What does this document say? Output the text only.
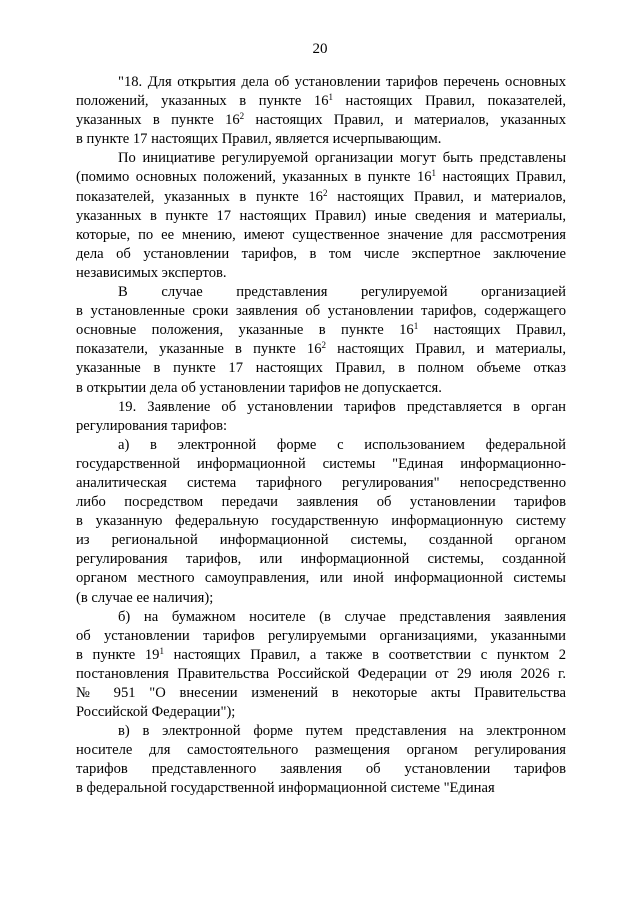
20
"18. Для открытия дела об установлении тарифов перечень основных
положений, указанных в пункте $16^1$ настоящих Правил, показателей,
указанных в пункте $16^2$ настоящих Правил, и материалов, указанных
в пункте 17 настоящих Правил, является исчерпывающим.
По инициативе регулируемой организации могут быть представлены
(помимо основных положений, указанных в пункте $16^1$ настоящих Правил,
показателей, указанных в пункте $16^2$ настоящих Правил, и материалов,
указанных в пункте 17 настоящих Правил) иные сведения и материалы,
которые, по ее мнению, имеют существенное значение для рассмотрения
дела об установлении тарифов, в том числе экспертное заключение
независимых экспертов.
В случае представления регулируемой организацией
в установленные сроки заявления об установлении тарифов, содержащего
основные положения, указанные в пункте $16^1$ настоящих Правил,
показатели, указанные в пункте $16^2$ настоящих Правил, и материалы,
указанные в пункте 17 настоящих Правил, в полном объеме отказ
в открытии дела об установлении тарифов не допускается.
19. Заявление об установлении тарифов представляется в орган
регулирования тарифов:
а) в электронной форме с использованием федеральной
государственной информационной системы "Единая информационно-
аналитическая система тарифного регулирования" непосредственно
либо посредством передачи заявления об установлении тарифов
в указанную федеральную государственную информационную систему
из региональной информационной системы, созданной органом
регулирования тарифов, или информационной системы, созданной
органом местного самоуправления, или иной информационной системы
(в случае ее наличия);
б) на бумажном носителе (в случае представления заявления
об установлении тарифов регулируемыми организациями, указанными
в пункте $19^1$ настоящих Правил, а также в соответствии с пунктом 2
постановления Правительства Российской Федерации от 29 июля 2026 г.
№ 951 "О внесении изменений в некоторые акты Правительства
Российской Федерации");
в) в электронной форме путем представления на электронном
носителе для самостоятельного размещения органом регулирования
тарифов представленного заявления об установлении тарифов
в федеральной государственной информационной системе "Единая
